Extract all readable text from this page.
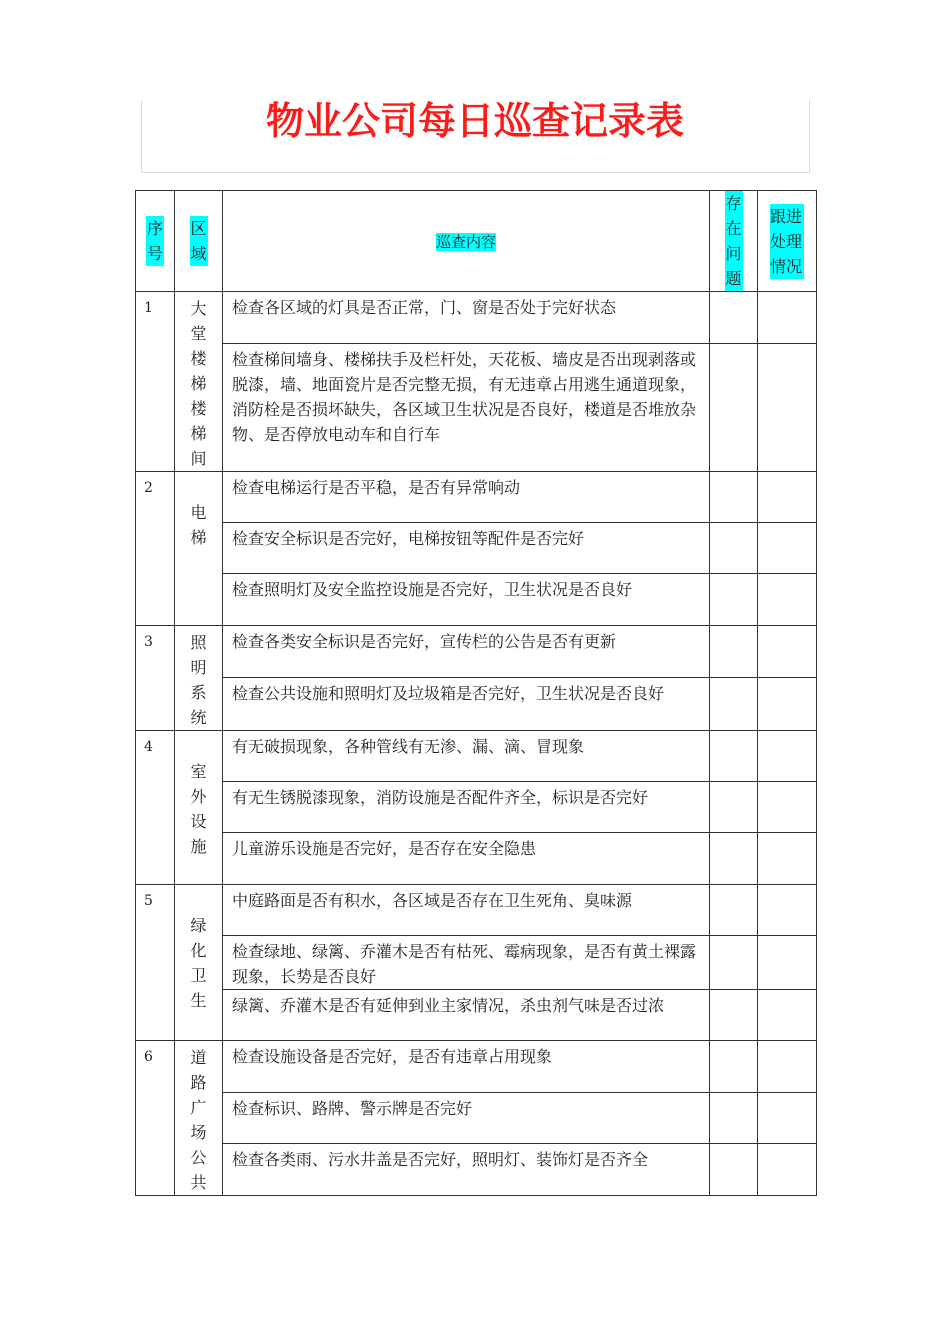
物业公司每日巡查记录表
序号	区域	巡查内容	存在问题	跟进处理情况
1	大堂楼梯楼梯间	检查各区域的灯具是否正常，门、窗是否处于完好状态		
		检查梯间墙身、楼梯扶手及栏杆处，天花板、墙皮是否出现剥落或脱漆，墙、地面瓷片是否完整无损，有无违章占用逃生通道现象，消防栓是否损坏缺失，各区域卫生状况是否良好，楼道是否堆放杂物、是否停放电动车和自行车		
2	电梯	检查电梯运行是否平稳，是否有异常响动		
		检查安全标识是否完好，电梯按钮等配件是否完好		
		检查照明灯及安全监控设施是否完好，卫生状况是否良好		
3	照明系统	检查各类安全标识是否完好，宣传栏的公告是否有更新		
		检查公共设施和照明灯及垃圾箱是否完好，卫生状况是否良好		
4	室外设施	有无破损现象，各种管线有无渗、漏、滴、冒现象		
		有无生锈脱漆现象，消防设施是否配件齐全，标识是否完好		
		儿童游乐设施是否完好，是否存在安全隐患		
5	绿化卫生	中庭路面是否有积水，各区域是否存在卫生死角、臭味源		
		检查绿地、绿篱、乔灌木是否有枯死、霉病现象，是否有黄土裸露现象，长势是否良好		
		绿篱、乔灌木是否有延伸到业主家情况，杀虫剂气味是否过浓		
6	道路广场公共	检查设施设备是否完好，是否有违章占用现象		
		检查标识、路牌、警示牌是否完好		
		检查各类雨、污水井盖是否完好，照明灯、装饰灯是否齐全		
